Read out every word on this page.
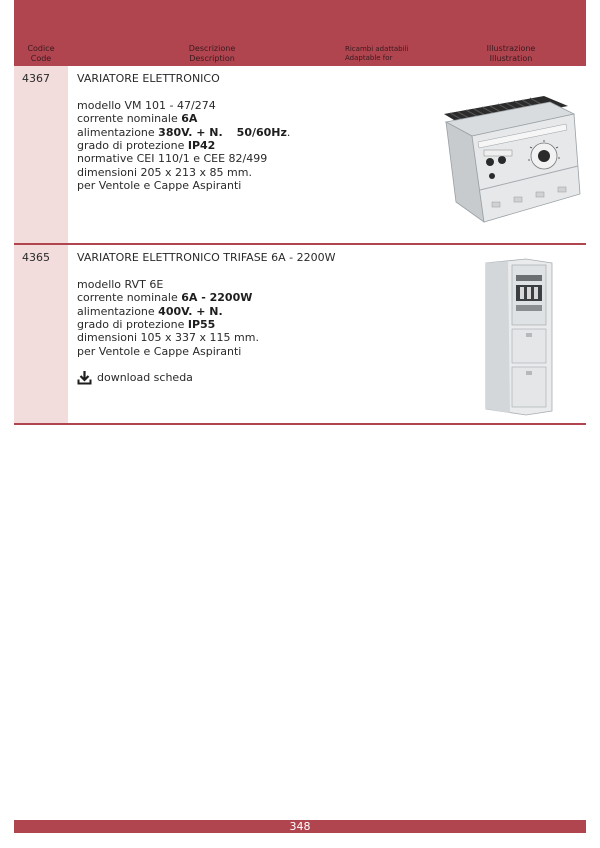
Codice
Code
Descrizione
Description
Ricambi adattabili
Adaptable for
Illustrazione
Illustration
4367 VARIATORE ELETTRONICO
modello VM 101 - 47/274
corrente nominale 6A
alimentazione 380V. + N. 50/60Hz.
grado di protezione IP42
normative CEI 110/1 e CEE 82/499
dimensioni 205 x 213 x 85 mm.
per Ventole e Cappe Aspiranti
4365 VARIATORE ELETTRONICO TRIFASE 6A - 2200W
modello RVT 6E
corrente nominale 6A - 2200W
alimentazione 400V. + N.
grado di protezione IP55
dimensioni 105 x 337 x 115 mm.
per Ventole e Cappe Aspiranti
download scheda
348
